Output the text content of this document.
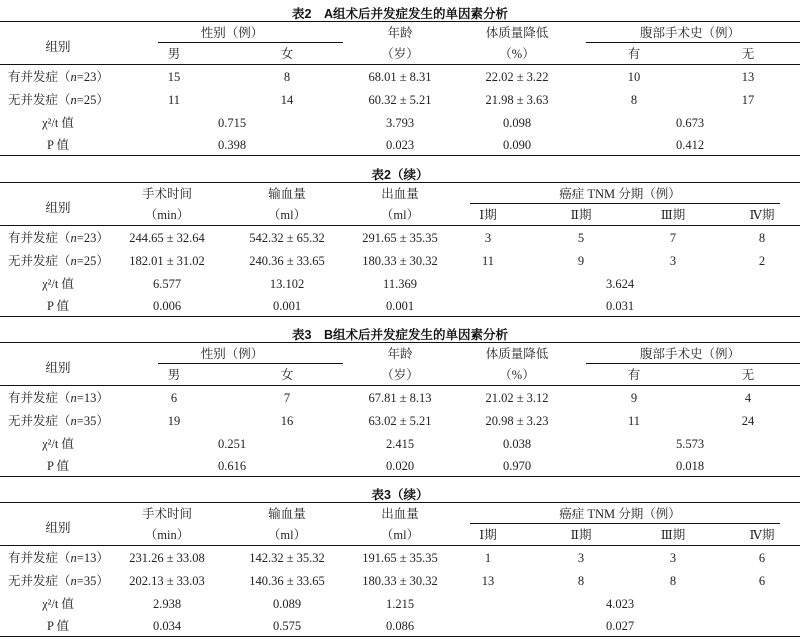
表2　A组术后并发症发生的单因素分析
组别
性别（例）
男	女
年龄
（岁）
体质量降低
（%）
腹部手术史（例）
有	无
有并发症（n=23）	15	8	68.01 ± 8.31	22.02 ± 3.22	10	13
无并发症（n=25）	11	14	60.32 ± 5.21	21.98 ± 3.63	8	17
χ²/t 值	0.715	3.793	0.098	0.673
P 值	0.398	0.023	0.090	0.412
表2（续）
组别
手术时间
（min）
输血量
（ml）
出血量
（ml）
癌症 TNM 分期（例）
Ⅰ期	Ⅱ期	Ⅲ期	Ⅳ期
有并发症（n=23） 244.65 ± 32.64	542.32 ± 65.32	291.65 ± 35.35	3	5	7	8
无并发症（n=25） 182.01 ± 31.02	240.36 ± 33.65	180.33 ± 30.32	11	9	3	2
χ²/t 值	6.577	13.102	11.369	3.624
P 值	0.006	0.001	0.001	0.031
表3　B组术后并发症发生的单因素分析
组别
性别（例）
男	女
年龄
（岁）
体质量降低
（%）
腹部手术史（例）
有	无
有并发症（n=13）	6	7	67.81 ± 8.13	21.02 ± 3.12	9	4
无并发症（n=35）	19	16	63.02 ± 5.21	20.98 ± 3.23	11	24
χ²/t 值	0.251	2.415	0.038	5.573
P 值	0.616	0.020	0.970	0.018
表3（续）
组别
手术时间
（min）
输血量
（ml）
出血量
（ml）
癌症 TNM 分期（例）
Ⅰ期	Ⅱ期	Ⅲ期	Ⅳ期
有并发症（n=13） 231.26 ± 33.08	142.32 ± 35.32	191.65 ± 35.35	1	3	3	6
无并发症（n=35） 202.13 ± 33.03	140.36 ± 33.65	180.33 ± 30.32	13	8	8	6
χ²/t 值	2.938	0.089	1.215	4.023
P 值	0.034	0.575	0.086	0.027
